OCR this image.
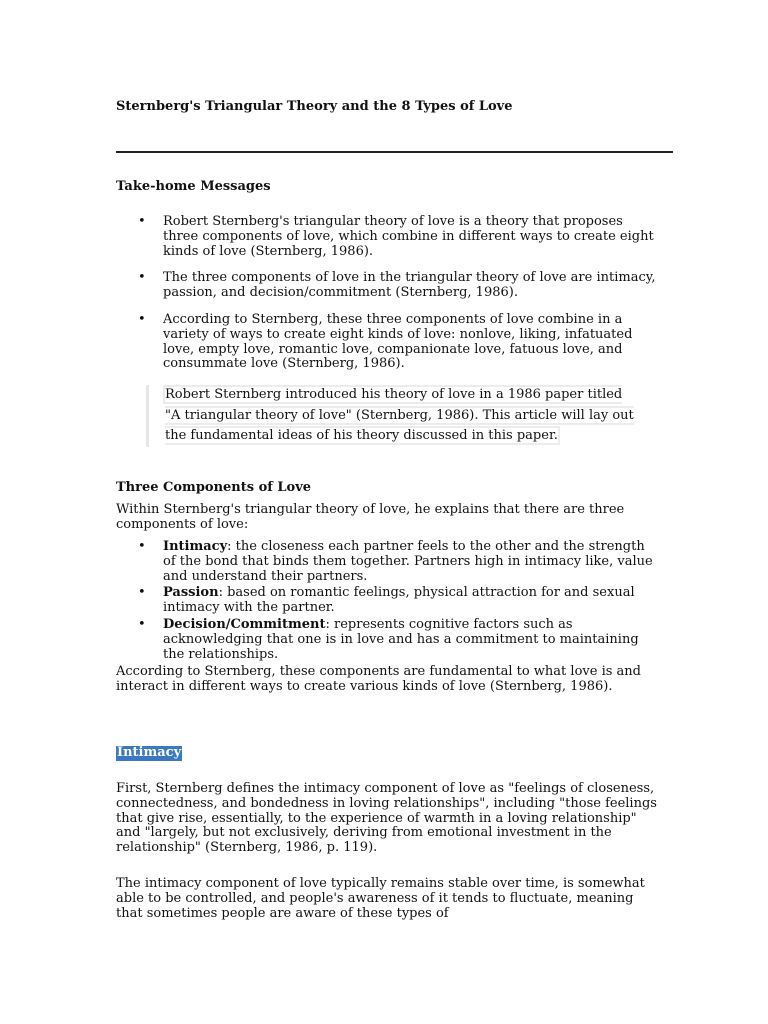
Sternberg's Triangular Theory and the 8 Types of Love
Take-home Messages
• Robert Sternberg's triangular theory of love is a theory that proposes three components of love, which combine in different ways to create eight kinds of love (Sternberg, 1986).
• The three components of love in the triangular theory of love are intimacy, passion, and decision/commitment (Sternberg, 1986).
• According to Sternberg, these three components of love combine in a variety of ways to create eight kinds of love: nonlove, liking, infatuated love, empty love, romantic love, companionate love, fatuous love, and consummate love (Sternberg, 1986).
Robert Sternberg introduced his theory of love in a 1986 paper titled "A triangular theory of love" (Sternberg, 1986). This article will lay out the fundamental ideas of his theory discussed in this paper.
Three Components of Love

Within Sternberg's triangular theory of love, he explains that there are three components of love:

• Intimacy: the closeness each partner feels to the other and the strength of the bond that binds them together. Partners high in intimacy like, value and understand their partners.
• Passion: based on romantic feelings, physical attraction for and sexual intimacy with the partner.
• Decision/Commitment: represents cognitive factors such as acknowledging that one is in love and has a commitment to maintaining the relationships.

According to Sternberg, these components are fundamental to what love is and interact in different ways to create various kinds of love (Sternberg, 1986).

Intimacy

First, Sternberg defines the intimacy component of love as "feelings of closeness, connectedness, and bondedness in loving relationships", including "those feelings that give rise, essentially, to the experience of warmth in a loving relationship" and "largely, but not exclusively, deriving from emotional investment in the relationship" (Sternberg, 1986, p. 119).

The intimacy component of love typically remains stable over time, is somewhat able to be controlled, and people's awareness of it tends to fluctuate, meaning that sometimes people are aware of these types of
